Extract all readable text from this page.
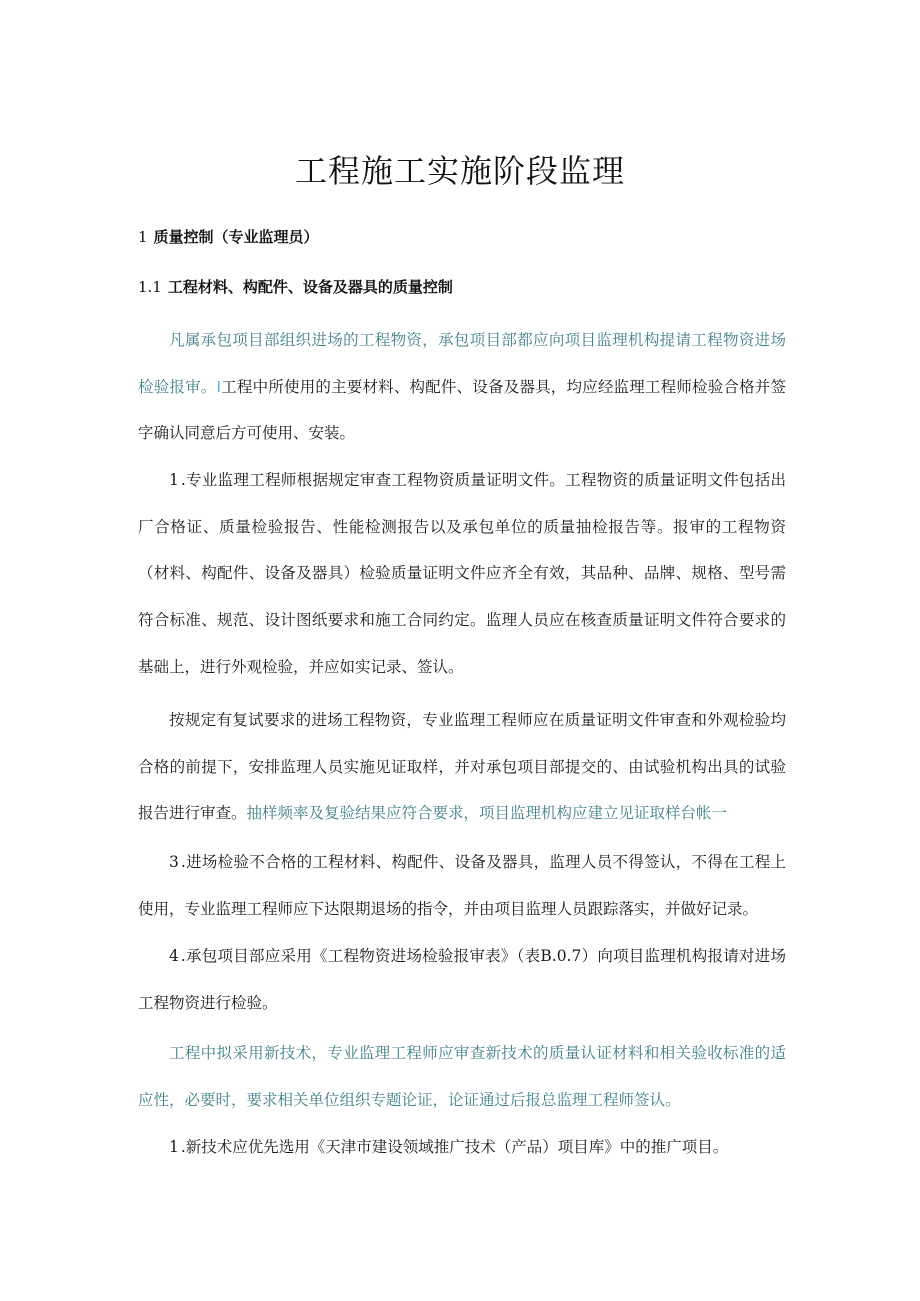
工程施工实施阶段监理
1 质量控制（专业监理员）
1.1 工程材料、构配件、设备及器具的质量控制

凡属承包项目部组织进场的工程物资，承包项目部都应向项目监理机构提请工程物资进场检验报审。I工程中所使用的主要材料、构配件、设备及器具，均应经监理工程师检验合格并签字确认同意后方可使用、安装。

1.专业监理工程师根据规定审查工程物资质量证明文件。工程物资的质量证明文件包括出厂合格证、质量检验报告、性能检测报告以及承包单位的质量抽检报告等。报审的工程物资（材料、构配件、设备及器具）检验质量证明文件应齐全有效，其品种、品牌、规格、型号需符合标准、规范、设计图纸要求和施工合同约定。监理人员应在核查质量证明文件符合要求的基础上，进行外观检验，并应如实记录、签认。

按规定有复试要求的进场工程物资，专业监理工程师应在质量证明文件审查和外观检验均合格的前提下，安排监理人员实施见证取样，并对承包项目部提交的、由试验机构出具的试验报告进行审查。抽样频率及复验结果应符合要求，项目监理机构应建立见证取样台帐一

3.进场检验不合格的工程材料、构配件、设备及器具，监理人员不得签认，不得在工程上使用，专业监理工程师应下达限期退场的指令，并由项目监理人员跟踪落实，并做好记录。

4.承包项目部应采用《工程物资进场检验报审表》（表B.0.7）向项目监理机构报请对进场工程物资进行检验。

工程中拟采用新技术，专业监理工程师应审查新技术的质量认证材料和相关验收标准的适应性，必要时，要求相关单位组织专题论证，论证通过后报总监理工程师签认。

1.新技术应优先选用《天津市建设领域推广技术（产品）项目库》中的推广项目。
